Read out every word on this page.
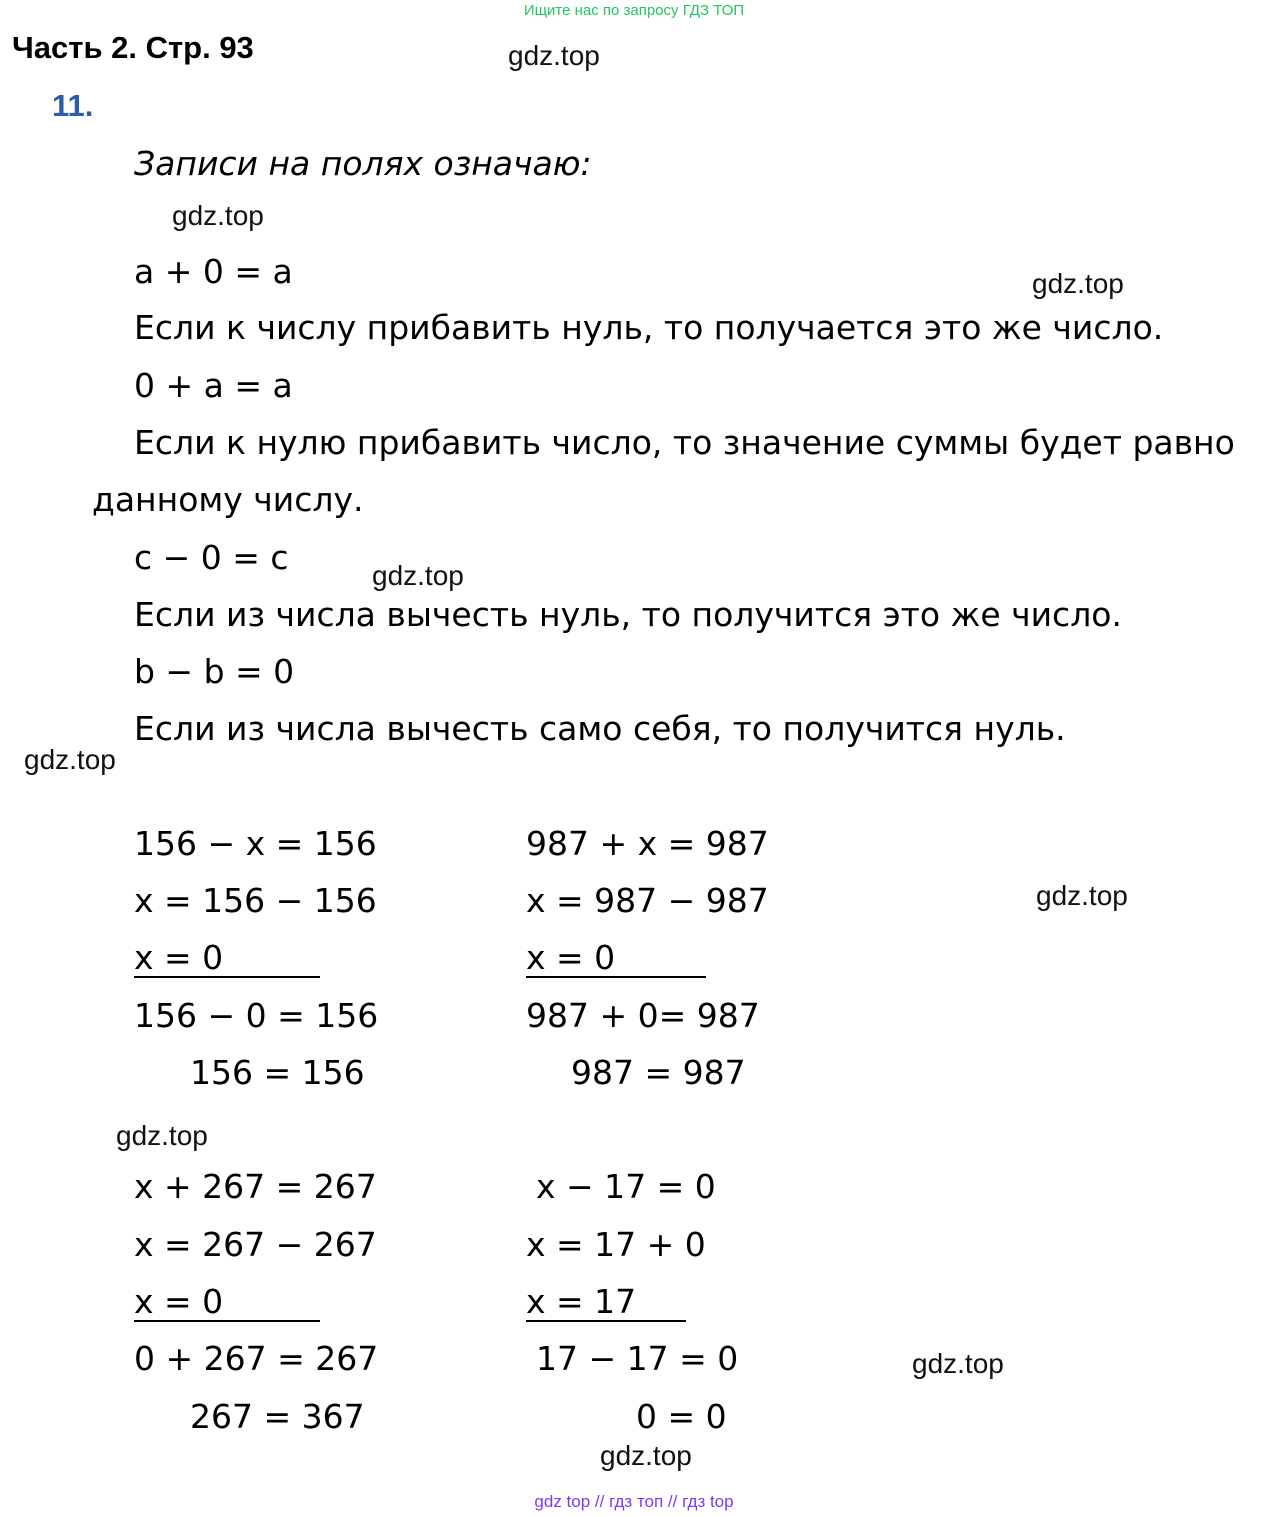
Ищите нас по запросу ГДЗ ТОП
Часть 2. Стр. 93
11.
gdz.top
gdz.top
gdz.top
gdz.top
gdz.top
gdz.top
gdz.top
gdz.top
gdz.top
Записи на полях означаю:
a + 0 = a
Если к числу прибавить нуль, то получается это же число.
0 + a = a
Если к нулю прибавить число, то значение суммы будет равно
данному числу.
c − 0 = c
Если из числа вычесть нуль, то получится это же число.
b − b = 0
Если из числа вычесть само себя, то получится нуль.
156 − x = 156
x = 156 − 156
x = 0
156 − 0 = 156
156 = 156
987 + x = 987
x = 987 − 987
x = 0
987 + 0= 987
987 = 987
x + 267 = 267
x = 267 − 267
x = 0
0 + 267 = 267
267 = 367
x − 17 = 0
x = 17 + 0
x = 17
17 − 17 = 0
0 = 0
gdz top // гдз топ // гдз top
